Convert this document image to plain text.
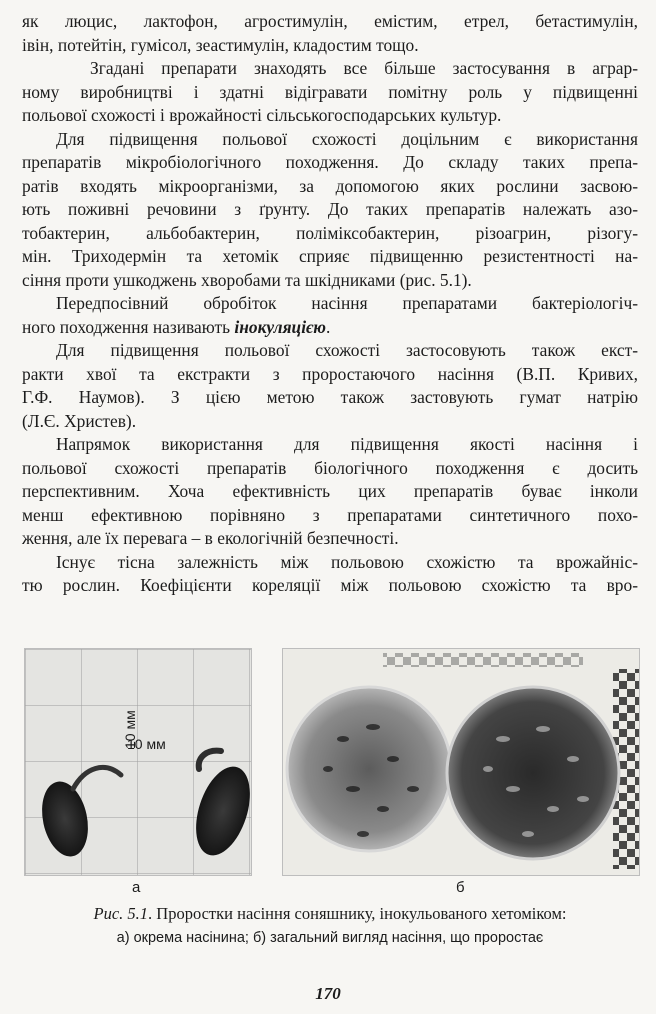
як люцис, лактофон, агростимулін, емістим, етрел, бетастимулін,
івін, потейтін, гумісол, зеастимулін, кладостим тощо.
Згадані препарати знаходять все більше застосування в аграр-
ному виробництві і здатні відігравати помітну роль у підвищенні
польової схожості і врожайності сільськогосподарських культур.
Для підвищення польової схожості доцільним є використання
препаратів мікробіологічного походження. До складу таких препа-
ратів входять мікроорганізми, за допомогою яких рослини засвою-
ють поживні речовини з ґрунту. До таких препаратів належать азо-
тобактерин, альбобактерин, поліміксобактерин, різоагрин, різогу-
мін. Триходермін та хетомік сприяє підвищенню резистентності на-
сіння проти ушкоджень хворобами та шкідниками (рис. 5.1).
Передпосівний обробіток насіння препаратами бактеріологіч-
ного походження називають інокуляцією.
Для підвищення польової схожості застосовують також екст-
ракти хвої та екстракти з проростаючого насіння (В.П. Кривих,
Г.Ф. Наумов). З цією метою також застовують гумат натрію
(Л.Є. Христев).
Напрямок використання для підвищення якості насіння і
польової схожості препаратів біологічного походження є досить
перспективним. Хоча ефективність цих препаратів буває інколи
менш ефективною порівняно з препаратами синтетичного похо-
ження, але їх перевага – в екологічній безпечності.
Існує тісна залежність між польовою схожістю та врожайніс-
тю рослин. Коефіцієнти кореляції між польовою схожістю та вро-
10 мм
10 мм
а	б
Рис. 5.1. Проростки насіння соняшнику, інокульованого хетоміком:
а) окрема насінина; б) загальний вигляд насіння, що проростає
170
